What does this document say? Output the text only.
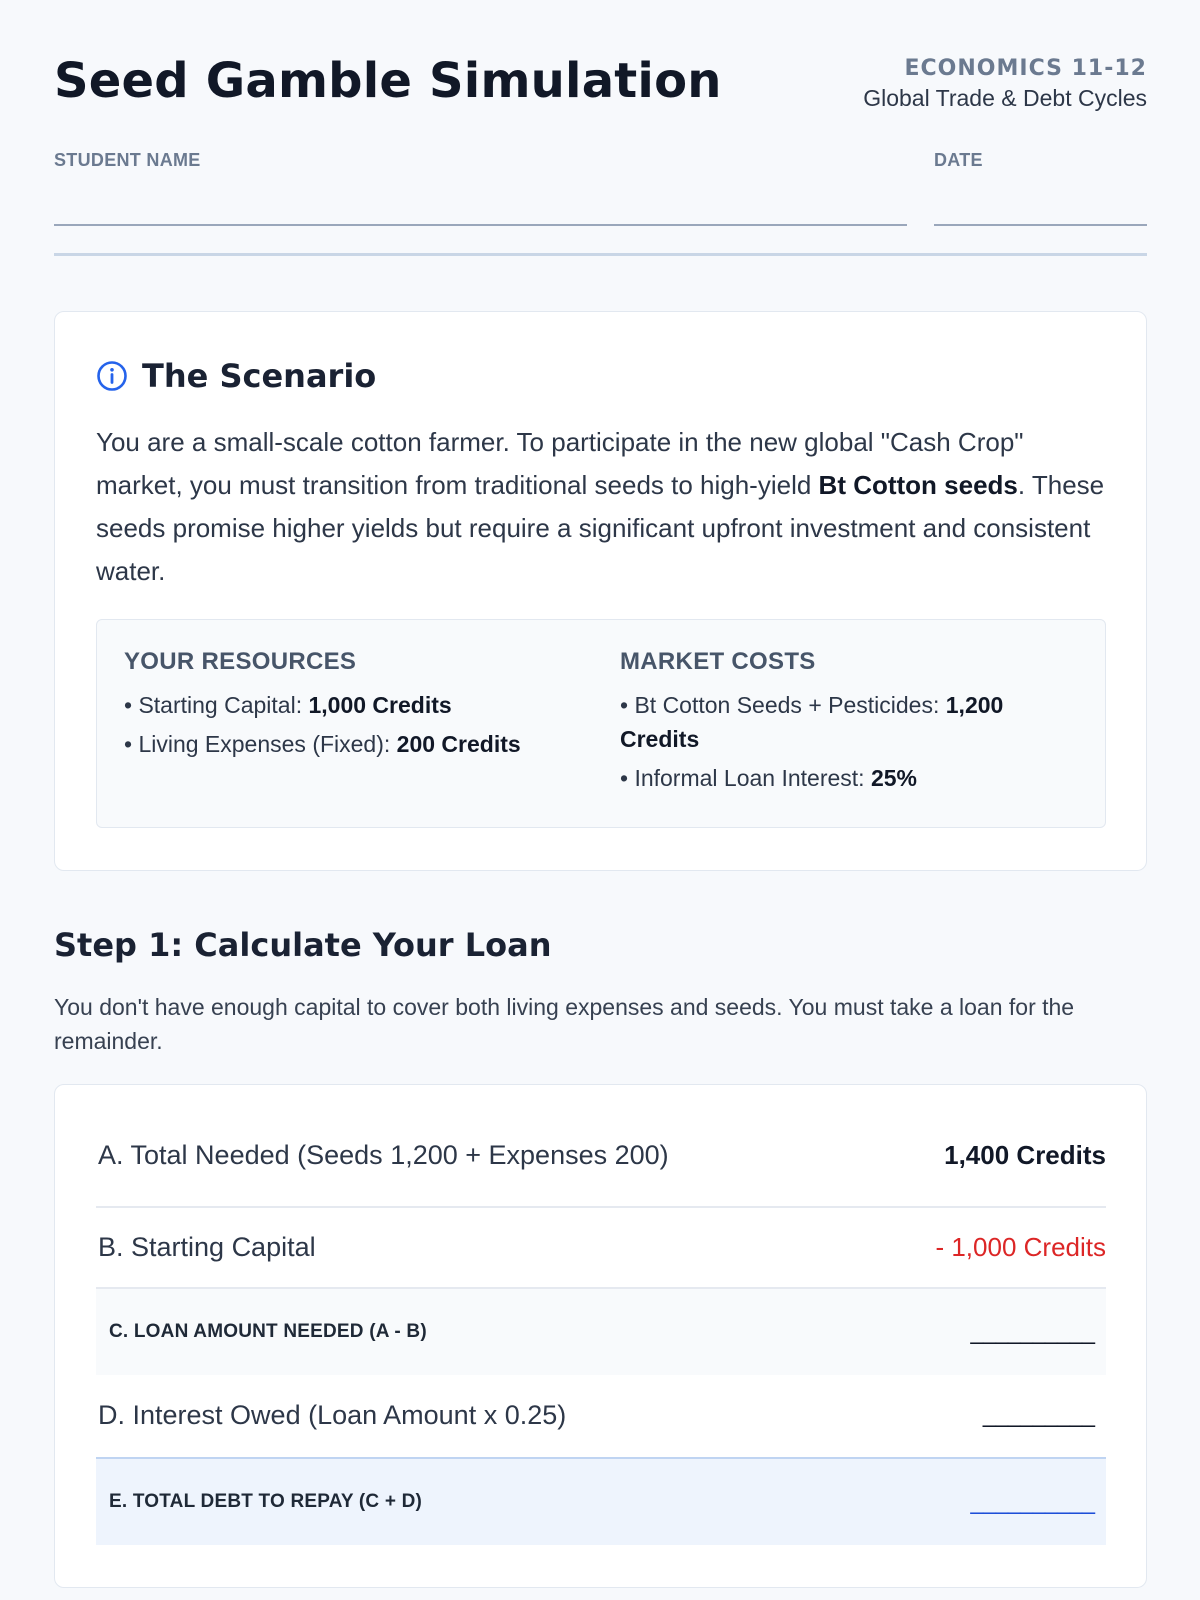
Seed Gamble Simulation	ECONOMICS 11-12
Global Trade & Debt Cycles
STUDENT NAME	DATE
The Scenario

You are a small-scale cotton farmer. To participate in the new global "Cash Crop" market, you must transition from traditional seeds to high-yield Bt Cotton seeds. These seeds promise higher yields but require a significant upfront investment and consistent water.

YOUR RESOURCES
• Starting Capital: 1,000 Credits
• Living Expenses (Fixed): 200 Credits
MARKET COSTS
• Bt Cotton Seeds + Pesticides: 1,200 Credits
• Informal Loan Interest: 25%
Step 1: Calculate Your Loan

You don't have enough capital to cover both living expenses and seeds. You must take a loan for the remainder.

A. Total Needed (Seeds 1,200 + Expenses 200)	1,400 Credits
B. Starting Capital	- 1,000 Credits
C. LOAN AMOUNT NEEDED (A - B)	__________
D. Interest Owed (Loan Amount x 0.25)	_________
E. TOTAL DEBT TO REPAY (C + D)	__________
